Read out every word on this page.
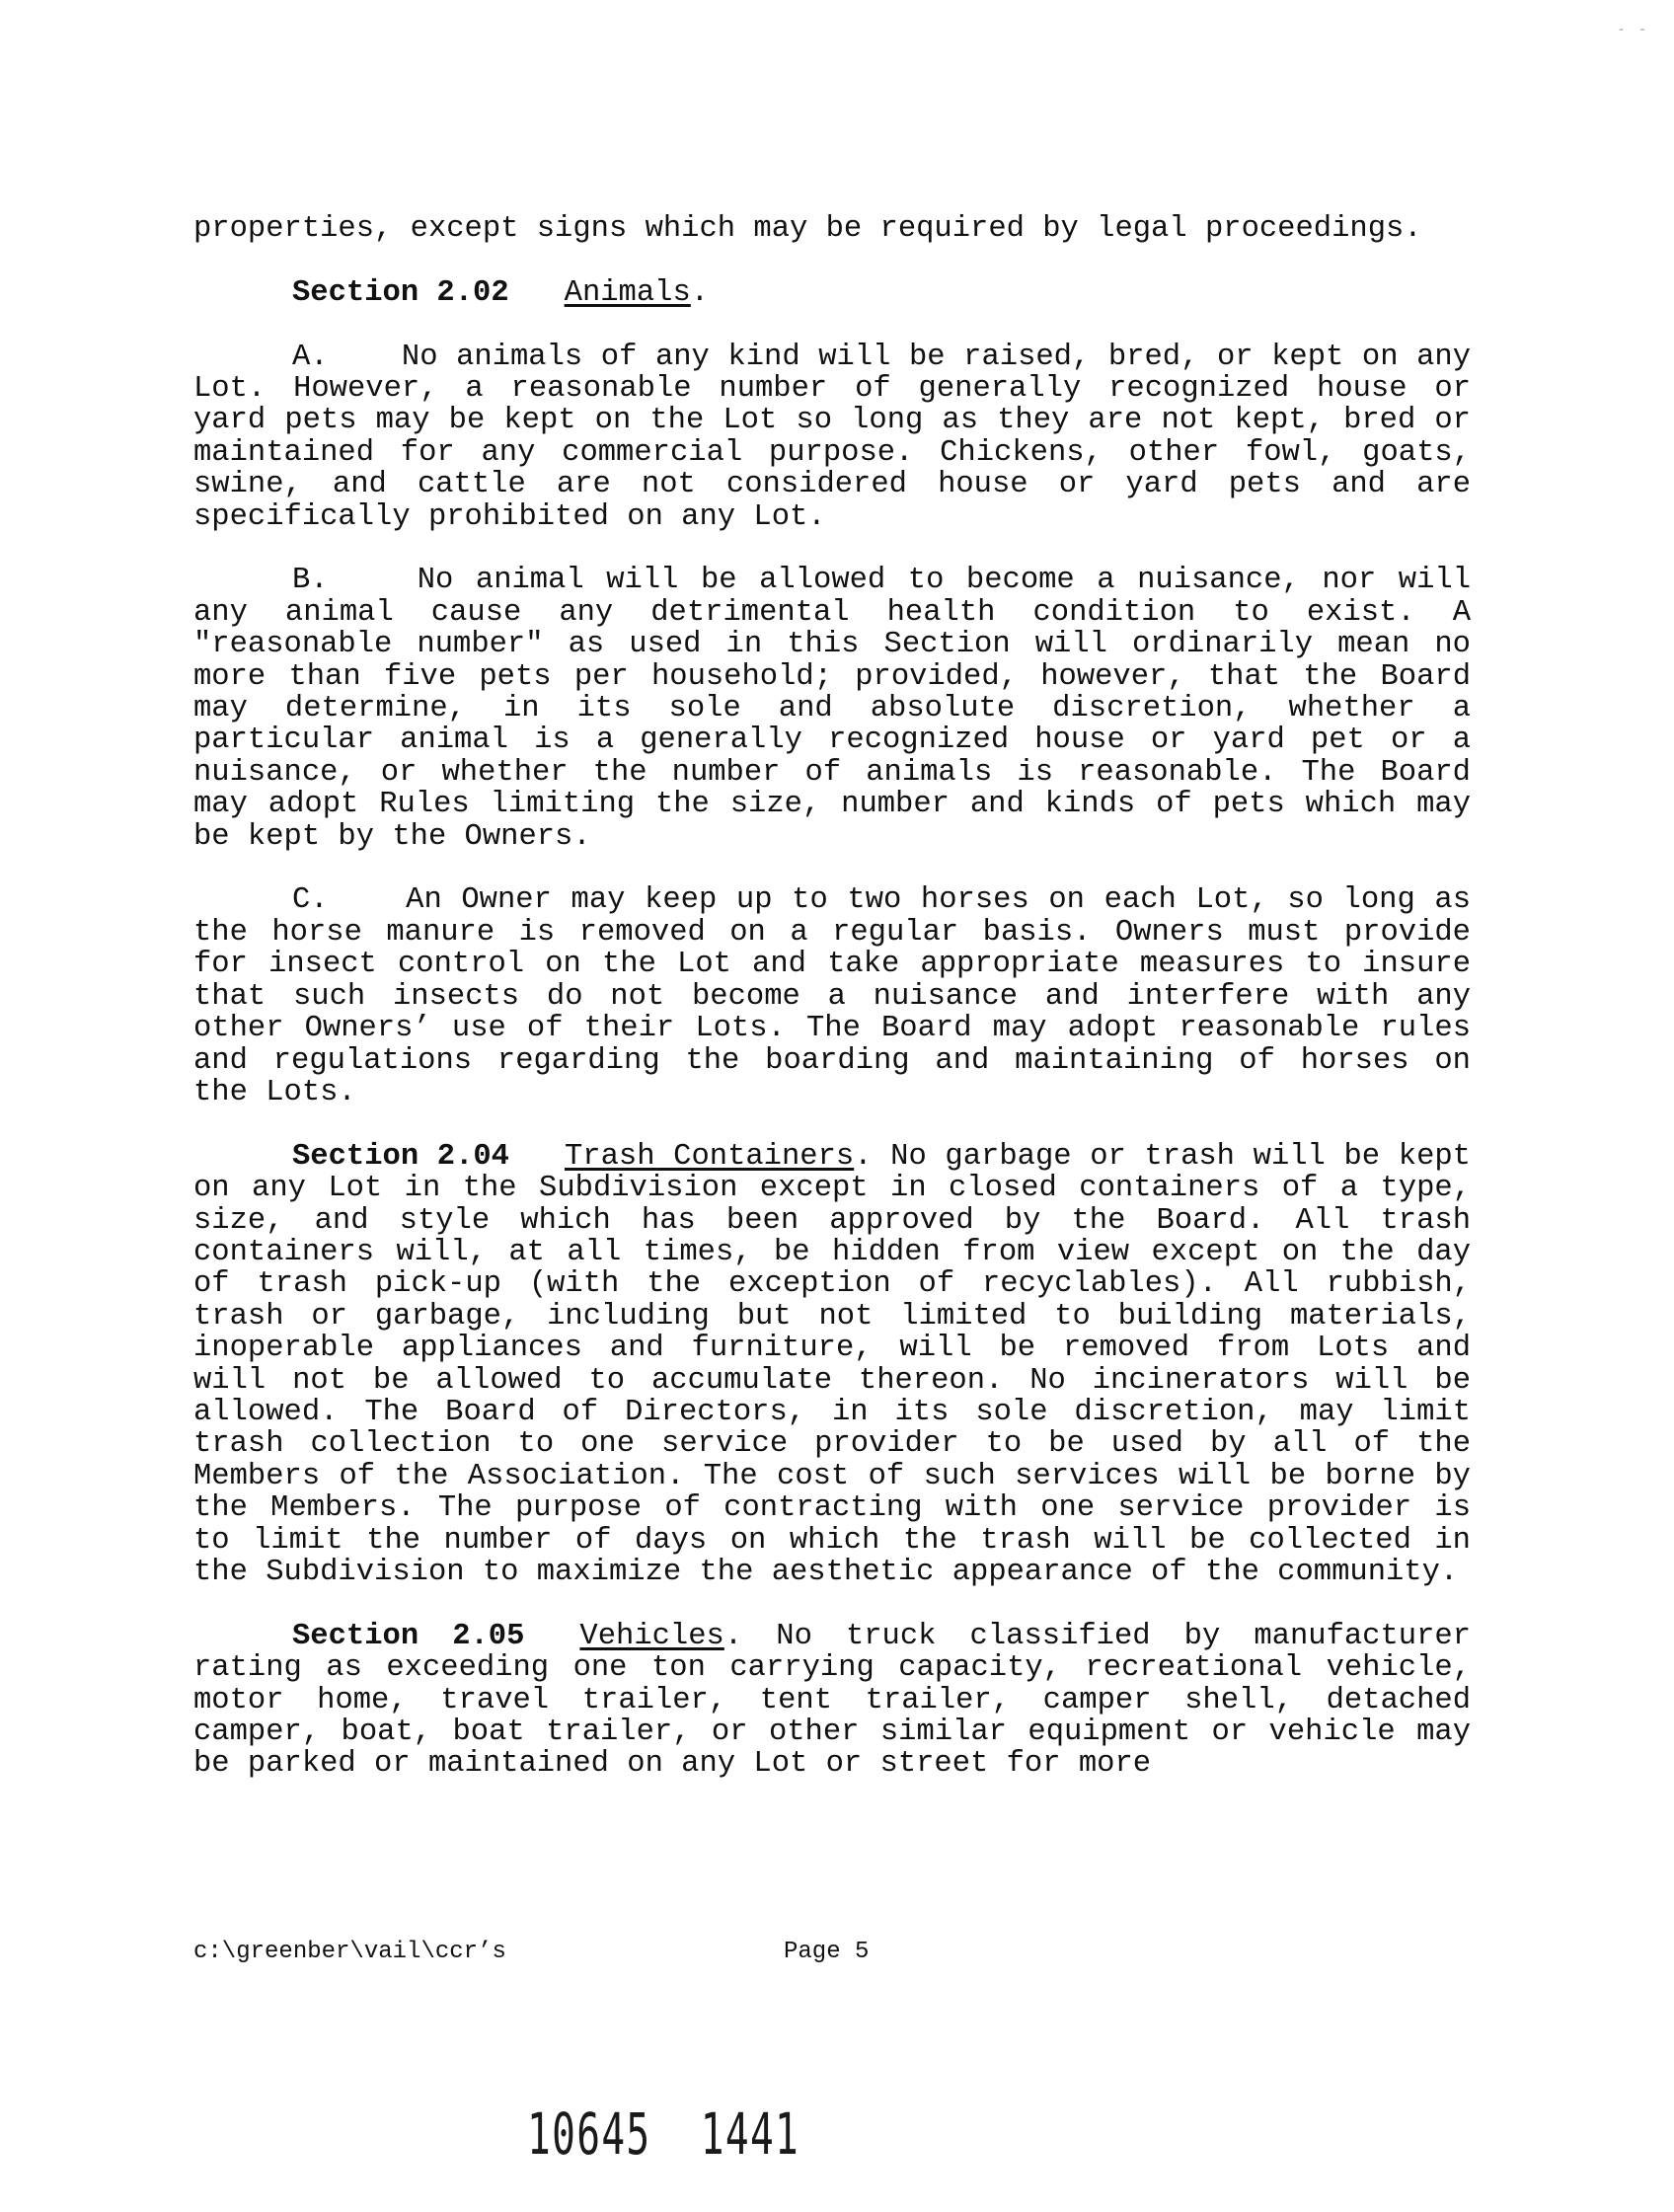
- -

properties, except signs which may be required by legal proceedings.

Section 2.02 Animals.

A. No animals of any kind will be raised, bred, or kept on any Lot. However, a reasonable number of generally recognized house or yard pets may be kept on the Lot so long as they are not kept, bred or maintained for any commercial purpose. Chickens, other fowl, goats, swine, and cattle are not considered house or yard pets and are specifically prohibited on any Lot.

B.	No animal will be allowed to become a nuisance, nor will any animal cause any detrimental health condition to exist. A "reasonable number" as used in this Section will ordinarily mean no more than five pets per household; provided, however, that the Board may determine, in its sole and absolute discretion, whether a particular animal is a generally recognized house or yard pet or a nuisance, or whether the number of animals is reasonable. The Board may adopt Rules limiting the size, number and kinds of pets which may be kept by the Owners.

C.	An Owner may keep up to two horses on each Lot, so long as the horse manure is removed on a regular basis. Owners must provide for insect control on the Lot and take appropriate measures to insure that such insects do not become a nuisance and interfere with any other Owners’ use of their Lots. The Board may adopt reasonable rules and regulations regarding the boarding and maintaining of horses on the Lots.

Section 2.04 Trash Containers. No garbage or trash will be kept on any Lot in the Subdivision except in closed containers of a type, size, and style which has been approved by the Board. All trash containers will, at all times, be hidden from view except on the day of trash pick-up (with the exception of recyclables). All rubbish, trash or garbage, including but not limited to building materials, inoperable appliances and furniture, will be removed from Lots and will not be allowed to accumulate thereon. No incinerators will be allowed. The Board of Directors, in its sole discretion, may limit trash collection to one service provider to be used by all of the Members of the Association. The cost of such services will be borne by the Members. The purpose of contracting with one service provider is to limit the number of days on which the trash will be collected in the Subdivision to maximize the aesthetic appearance of the community.

Section 2.05 Vehicles. No truck classified by manufacturer rating as exceeding one ton carrying capacity, recreational vehicle, motor home, travel trailer, tent trailer, camper shell, detached camper, boat, boat trailer, or other similar equipment or vehicle may be parked or maintained on any Lot or street for more

c:\greenber\vail\ccr’s	Page 5
10645  1441
